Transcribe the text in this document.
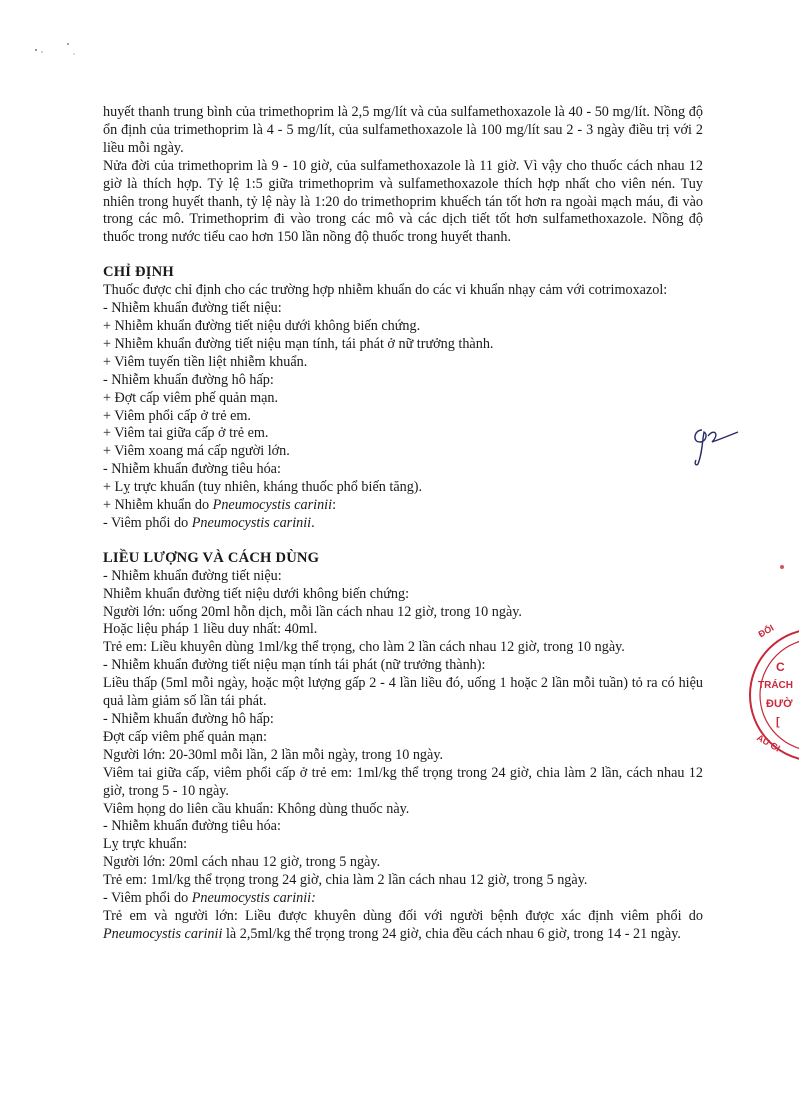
huyết thanh trung bình của trimethoprim là 2,5 mg/lít và của sulfamethoxazole là 40 - 50 mg/lít. Nồng độ ổn định của trimethoprim là 4 - 5 mg/lít, của sulfamethoxazole là 100 mg/lít sau 2 - 3 ngày điều trị với 2 liều mỗi ngày.

Nửa đời của trimethoprim là 9 - 10 giờ, của sulfamethoxazole là 11 giờ. Vì vậy cho thuốc cách nhau 12 giờ là thích hợp. Tỷ lệ 1:5 giữa trimethoprim và sulfamethoxazole thích hợp nhất cho viên nén. Tuy nhiên trong huyết thanh, tỷ lệ này là 1:20 do trimethoprim khuếch tán tốt hơn ra ngoài mạch máu, đi vào trong các mô. Trimethoprim đi vào trong các mô và các dịch tiết tốt hơn sulfamethoxazole. Nồng độ thuốc trong nước tiểu cao hơn 150 lần nồng độ thuốc trong huyết thanh.

CHỈ ĐỊNH

Thuốc được chỉ định cho các trường hợp nhiễm khuẩn do các vi khuẩn nhạy cảm với cotrimoxazol:

- Nhiễm khuẩn đường tiết niệu:

+ Nhiễm khuẩn đường tiết niệu dưới không biến chứng.

+ Nhiễm khuẩn đường tiết niệu mạn tính, tái phát ở nữ trưởng thành.

+ Viêm tuyến tiền liệt nhiễm khuẩn.

- Nhiễm khuẩn đường hô hấp:

+ Đợt cấp viêm phế quản mạn.

+ Viêm phổi cấp ở trẻ em.

+ Viêm tai giữa cấp ở trẻ em.

+ Viêm xoang má cấp người lớn.

- Nhiễm khuẩn đường tiêu hóa:

+ Lỵ trực khuẩn (tuy nhiên, kháng thuốc phổ biến tăng).

+ Nhiễm khuẩn do Pneumocystis carinii:

- Viêm phổi do Pneumocystis carinii.

LIỀU LƯỢNG VÀ CÁCH DÙNG

- Nhiễm khuẩn đường tiết niệu:

Nhiễm khuẩn đường tiết niệu dưới không biến chứng:

Người lớn: uống 20ml hỗn dịch, mỗi lần cách nhau 12 giờ, trong 10 ngày.

Hoặc liệu pháp 1 liều duy nhất: 40ml.

Trẻ em: Liều khuyên dùng 1ml/kg thể trọng, cho làm 2 lần cách nhau 12 giờ, trong 10 ngày.

- Nhiễm khuẩn đường tiết niệu mạn tính tái phát (nữ trưởng thành):

Liều thấp (5ml mỗi ngày, hoặc một lượng gấp 2 - 4 lần liều đó, uống 1 hoặc 2 lần mỗi tuần) tỏ ra có hiệu quả làm giảm số lần tái phát.

- Nhiễm khuẩn đường hô hấp:

Đợt cấp viêm phế quản mạn:

Người lớn: 20-30ml mỗi lần, 2 lần mỗi ngày, trong 10 ngày.

Viêm tai giữa cấp, viêm phổi cấp ở trẻ em: 1ml/kg thể trọng trong 24 giờ, chia làm 2 lần, cách nhau 12 giờ, trong 5 - 10 ngày.

Viêm họng do liên cầu khuẩn: Không dùng thuốc này.

- Nhiễm khuẩn đường tiêu hóa:

Lỵ trực khuẩn:

Người lớn: 20ml cách nhau 12 giờ, trong 5 ngày.

Trẻ em: 1ml/kg thể trọng trong 24 giờ, chia làm 2 lần cách nhau 12 giờ, trong 5 ngày.

- Viêm phổi do Pneumocystis carinii:

Trẻ em và người lớn: Liều được khuyên dùng đối với người bệnh được xác định viêm phổi do Pneumocystis carinii là 2,5ml/kg thể trọng trong 24 giờ, chia đều cách nhau 6 giờ, trong 14 - 21 ngày.

ĐỐI
C
TRÁCH
ĐƯỜ
[
AU GI
